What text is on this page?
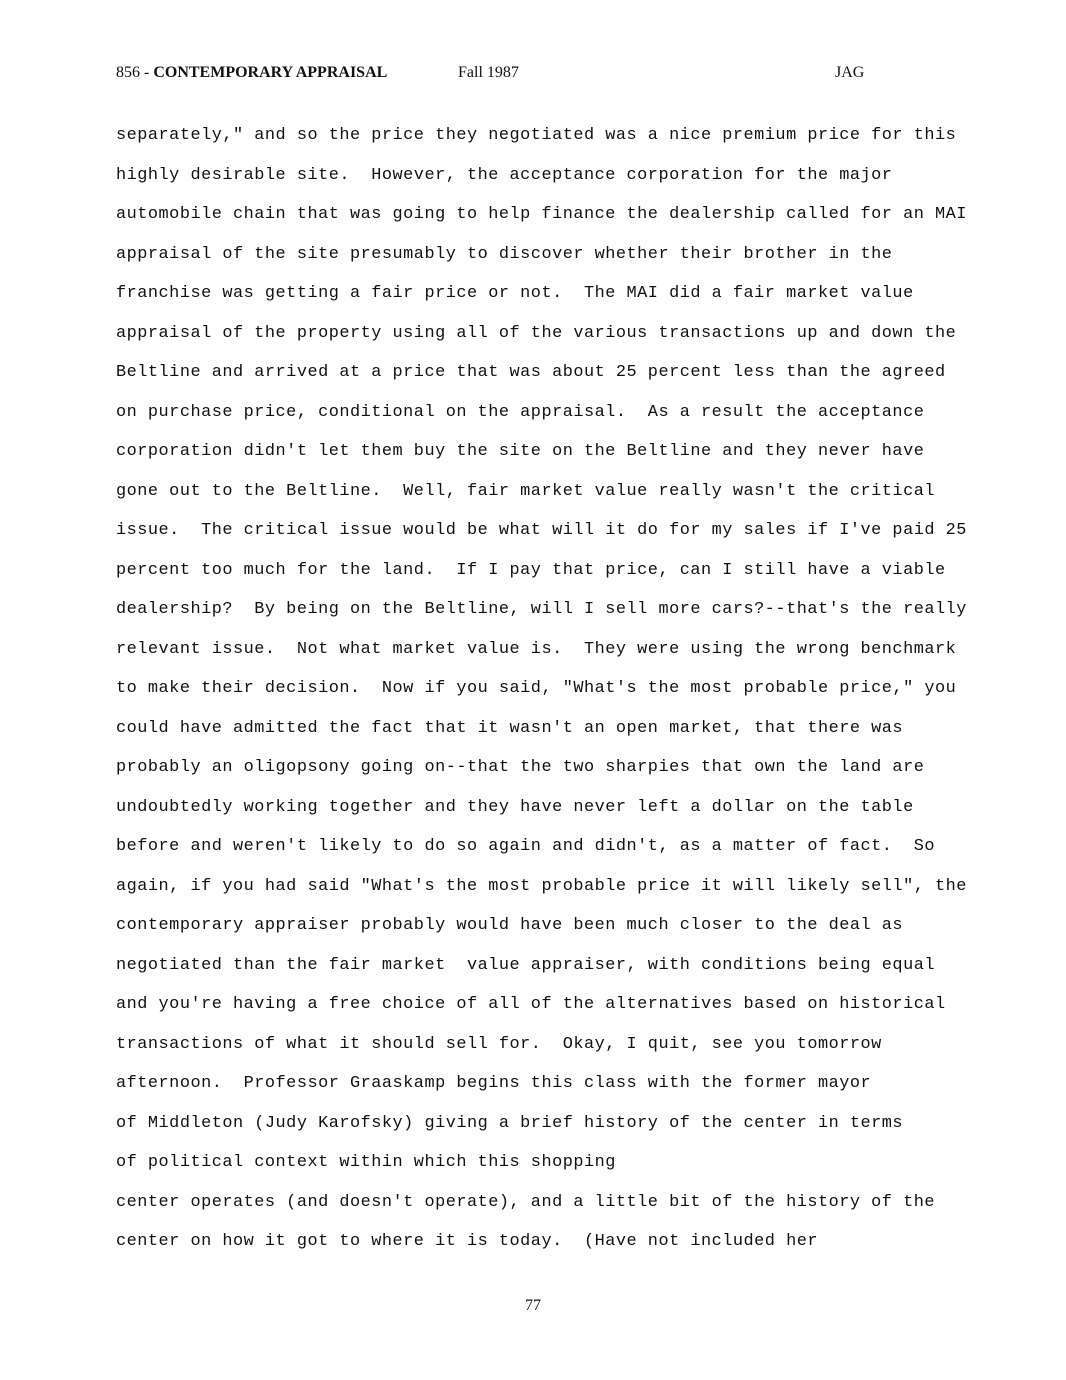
856 - CONTEMPORARY APPRAISAL	Fall 1987	JAG
separately," and so the price they negotiated was a nice premium price for this
highly desirable site.  However, the acceptance corporation for the major
automobile chain that was going to help finance the dealership called for an MAI
appraisal of the site presumably to discover whether their brother in the
franchise was getting a fair price or not.  The MAI did a fair market value
appraisal of the property using all of the various transactions up and down the
Beltline and arrived at a price that was about 25 percent less than the agreed
on purchase price, conditional on the appraisal.  As a result the acceptance
corporation didn't let them buy the site on the Beltline and they never have
gone out to the Beltline.  Well, fair market value really wasn't the critical
issue.  The critical issue would be what will it do for my sales if I've paid 25
percent too much for the land.  If I pay that price, can I still have a viable
dealership?  By being on the Beltline, will I sell more cars?--that's the really
relevant issue.  Not what market value is.  They were using the wrong benchmark
to make their decision.  Now if you said, "What's the most probable price," you
could have admitted the fact that it wasn't an open market, that there was
probably an oligopsony going on--that the two sharpies that own the land are
undoubtedly working together and they have never left a dollar on the table
before and weren't likely to do so again and didn't, as a matter of fact.  So
again, if you had said "What's the most probable price it will likely sell", the
contemporary appraiser probably would have been much closer to the deal as
negotiated than the fair market  value appraiser, with conditions being equal
and you're having a free choice of all of the alternatives based on historical
transactions of what it should sell for.  Okay, I quit, see you tomorrow
afternoon.  Professor Graaskamp begins this class with the former mayor
of Middleton (Judy Karofsky) giving a brief history of the center in terms
of political context within which this shopping
center operates (and doesn't operate), and a little bit of the history of the
center on how it got to where it is today.  (Have not included her
77
